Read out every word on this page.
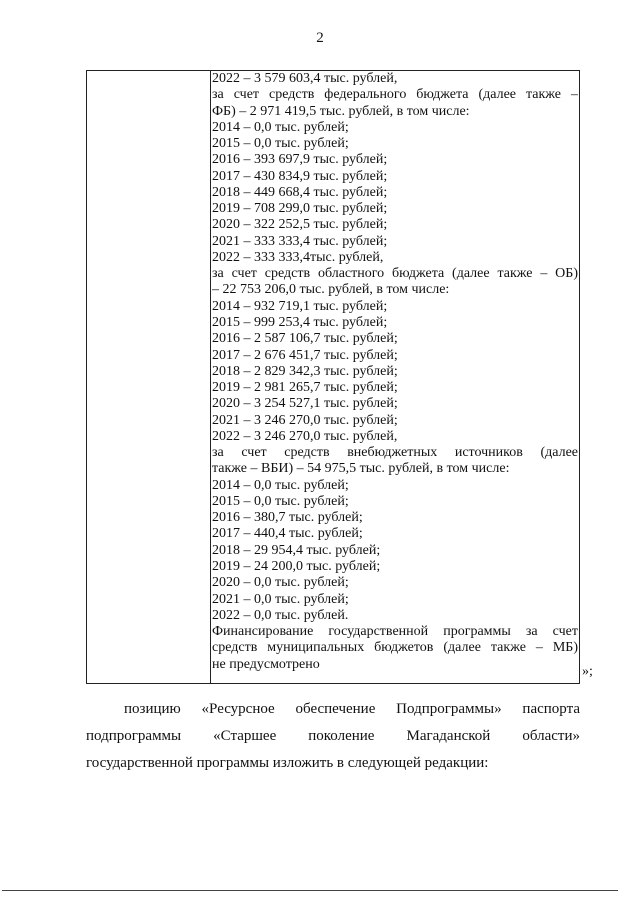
2
2022 – 3 579 603,4 тыс. рублей,
за счет средств федерального бюджета (далее также –
ФБ) – 2 971 419,5 тыс. рублей, в том числе:
2014 – 0,0 тыс. рублей;
2015 – 0,0 тыс. рублей;
2016 – 393 697,9 тыс. рублей;
2017 – 430 834,9 тыс. рублей;
2018 – 449 668,4 тыс. рублей;
2019 – 708 299,0 тыс. рублей;
2020 – 322 252,5 тыс. рублей;
2021 – 333 333,4 тыс. рублей;
2022 – 333 333,4тыс. рублей,
за счет средств областного бюджета (далее также – ОБ)
– 22 753 206,0 тыс. рублей, в том числе:
2014 – 932 719,1 тыс. рублей;
2015 – 999 253,4 тыс. рублей;
2016 – 2 587 106,7 тыс. рублей;
2017 – 2 676 451,7 тыс. рублей;
2018 – 2 829 342,3 тыс. рублей;
2019 – 2 981 265,7 тыс. рублей;
2020 – 3 254 527,1 тыс. рублей;
2021 – 3 246 270,0 тыс. рублей;
2022 – 3 246 270,0 тыс. рублей,
за счет средств внебюджетных источников (далее
также – ВБИ) – 54 975,5 тыс. рублей, в том числе:
2014 – 0,0 тыс. рублей;
2015 – 0,0 тыс. рублей;
2016 – 380,7 тыс. рублей;
2017 – 440,4 тыс. рублей;
2018 – 29 954,4 тыс. рублей;
2019 – 24 200,0 тыс. рублей;
2020 – 0,0 тыс. рублей;
2021 – 0,0 тыс. рублей;
2022 – 0,0 тыс. рублей.
Финансирование государственной программы за счет
средств муниципальных бюджетов (далее также – МБ)
не предусмотрено	»;
позицию «Ресурсное обеспечение Подпрограммы» паспорта
подпрограммы «Старшее поколение Магаданской области»
государственной программы изложить в следующей редакции:
